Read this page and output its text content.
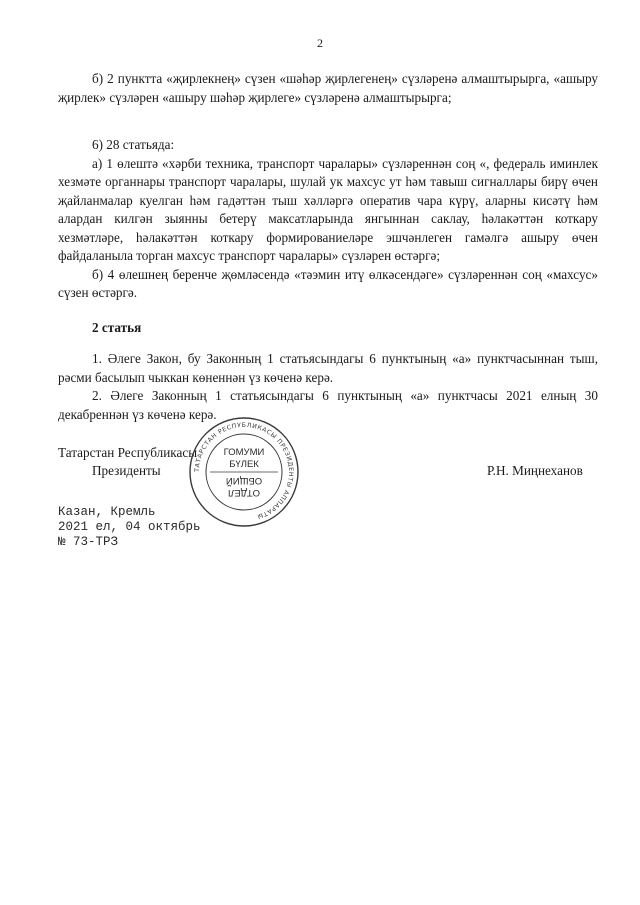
2

б) 2 пунктта «җирлекнең» сүзен «шәһәр җирлегенең» сүзләренә алмаштырырга, «ашыру җирлек» сүзләрен «ашыру шәһәр җирлеге» сүзләренә алмаштырырга;

6) 28 статьяда:

а) 1 өлештә «хәрби техника, транспорт чаралары» сүзләреннән соң «, федераль иминлек хезмәте органнары транспорт чаралары, шулай ук махсус ут һәм тавыш сигналлары бирү өчен җайланмалар куелган һәм гадәттән тыш хәлләргә оператив чара күрү, аларны кисәтү һәм алардан килгән зыянны бетерү максатларында янгыннан саклау, һәлакәттән коткару хезмәтләре, һәлакәттән коткару формированиеләре эшчәнлеген гамәлгә ашыру өчен файдаланыла торган махсус транспорт чаралары» сүзләрен өстәргә;

б) 4 өлешнең беренче җөмләсендә «тәэмин итү өлкәсендәге» сүзләреннән соң «махсус» сүзен өстәргә.

2 статья

1. Әлеге Закон, бу Законның 1 статьясындагы 6 пунктының «а» пунктчасыннан тыш, рәсми басылып чыккан көненнән үз көченә керә.

2. Әлеге Законның 1 статьясындагы 6 пунктының «а» пунктчасы 2021 елның 30 декабреннән үз көченә керә.

Татарстан Республикасы
Президенты	Р.Н. Миңнеханов
ТАТАРСТАН РЕСПУБЛИКАСЫ ПРЕЗИДЕНТЫ АППАРАТЫ
ГОМУМИ
БҮЛЕК
ОТДЕЛ
ОБЩИЙ
Казан, Кремль
2021 ел, 04 октябрь
№ 73-ТРЗ
